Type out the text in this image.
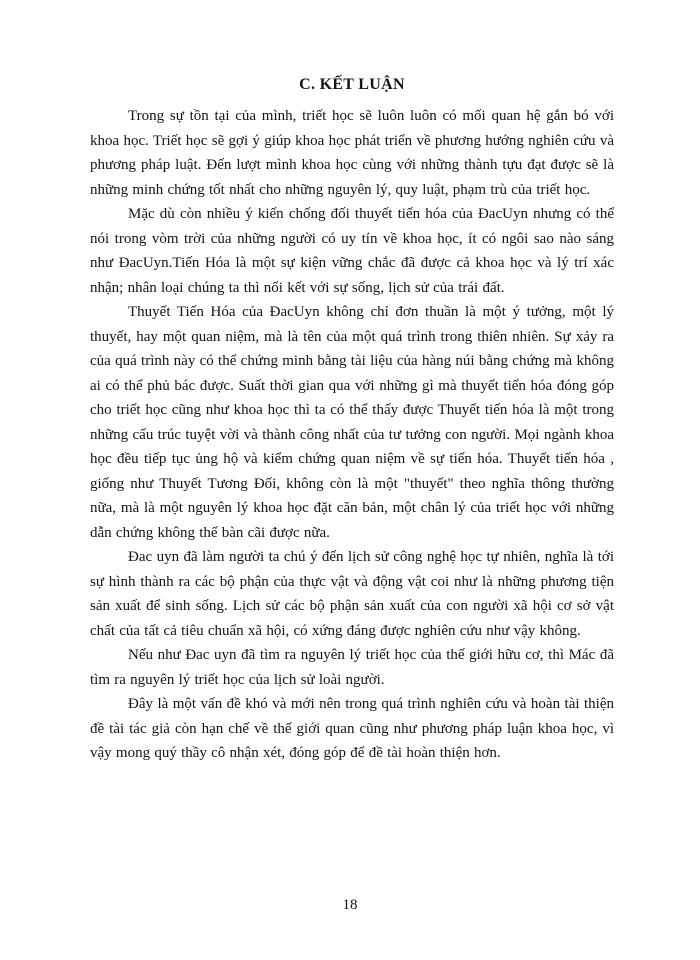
C. KẾT LUẬN

Trong sự tồn tại của mình, triết học sẽ luôn luôn có mối quan hệ gắn bó với khoa học. Triết học sẽ gợi ý giúp khoa học phát triển về phương hướng nghiên cứu và phương pháp luật. Đến lượt mình khoa học cùng với những thành tựu đạt được sẽ là những minh chứng tốt nhất cho những nguyên lý, quy luật, phạm trù của triết học.

Mặc dù còn nhiều ý kiến chống đối thuyết tiến hóa của ĐacUyn nhưng có thể nói trong vòm trời của những người có uy tín về khoa học, ít có ngôi sao nào sáng như ĐacUyn.Tiến Hóa là một sự kiện vững chắc đã được cả khoa học và lý trí xác nhận; nhân loại chúng ta thì nối kết với sự sống, lịch sử của trái đất.

Thuyết Tiến Hóa của ĐacUyn không chỉ đơn thuần là một ý tưởng, một lý thuyết, hay một quan niệm, mà là tên của một quá trình trong thiên nhiên. Sự xảy ra của quá trình này có thể chứng minh bằng tài liệu của hàng núi bằng chứng mà không ai có thể phủ bác được. Suất thời gian qua với những gì mà thuyết tiến hóa đóng góp cho triết học cũng như khoa học thì ta có thể thấy được Thuyết tiến hóa là một trong những cấu trúc tuyệt vời và thành công nhất của tư tưởng con người. Mọi ngành khoa học đều tiếp tục ủng hộ và kiểm chứng quan niệm về sự tiến hóa. Thuyết tiến hóa , giống như Thuyết Tương Đối, không còn là một "thuyết" theo nghĩa thông thường nữa, mà là một nguyên lý khoa học đặt căn bản, một chân lý của triết học với những dẫn chứng không thể bàn cãi được nữa.

Đac uyn đã làm người ta chú ý đến lịch sử công nghệ học tự nhiên, nghĩa là tới sự hình thành ra các bộ phận của thực vật và động vật coi như là những phương tiện sản xuất để sinh sống. Lịch sử các bộ phận sản xuất của con người xã hội cơ sở vật chất của tất cả tiêu chuẩn xã hội, có xứng đáng được nghiên cứu như vậy không.

Nếu như Đac uyn đã tìm ra nguyên lý triết học của thế giới hữu cơ, thì Mác đã tìm ra nguyên lý triết học của lịch sử loài người.

Đây là một vấn đề khó và mới nên trong quá trình nghiên cứu và hoàn tài thiện đề tài tác giả còn hạn chế về thế giới quan cũng như phương pháp luận khoa học, vì vậy mong quý thầy cô nhận xét, đóng góp để đề tài hoàn thiện hơn.

18
